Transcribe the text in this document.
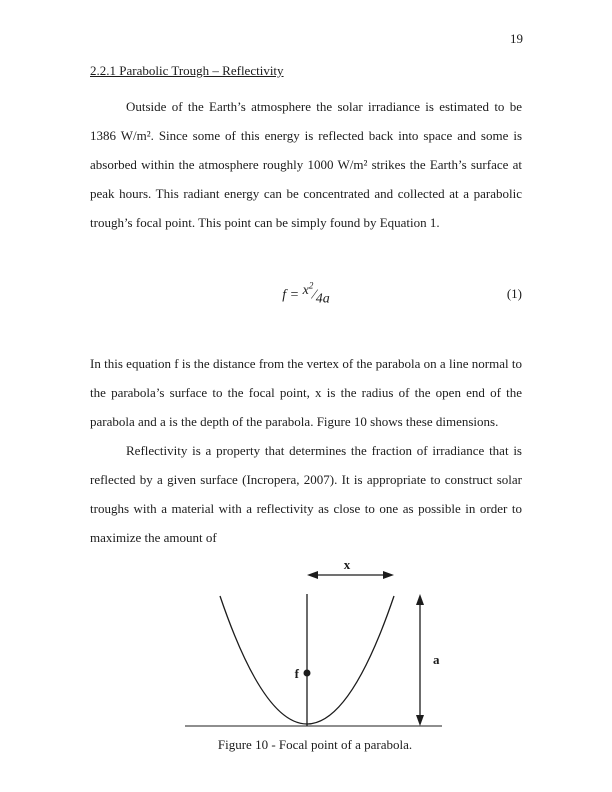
19
2.2.1 Parabolic Trough – Reflectivity

Outside of the Earth’s atmosphere the solar irradiance is estimated to be 1386 W/m². Since some of this energy is reflected back into space and some is absorbed within the atmosphere roughly 1000 W/m² strikes the Earth’s surface at peak hours. This radiant energy can be concentrated and collected at a parabolic trough’s focal point. This point can be simply found by Equation 1.

$f = x^2⁄4a$	(1)

In this equation f is the distance from the vertex of the parabola on a line normal to the parabola’s surface to the focal point, x is the radius of the open end of the parabola and a is the depth of the parabola. Figure 10 shows these dimensions.

Reflectivity is a property that determines the fraction of irradiance that is reflected by a given surface (Incropera, 2007). It is appropriate to construct solar troughs with a material with a reflectivity as close to one as possible in order to maximize the amount of

x
f
a
Figure 10 - Focal point of a parabola.
